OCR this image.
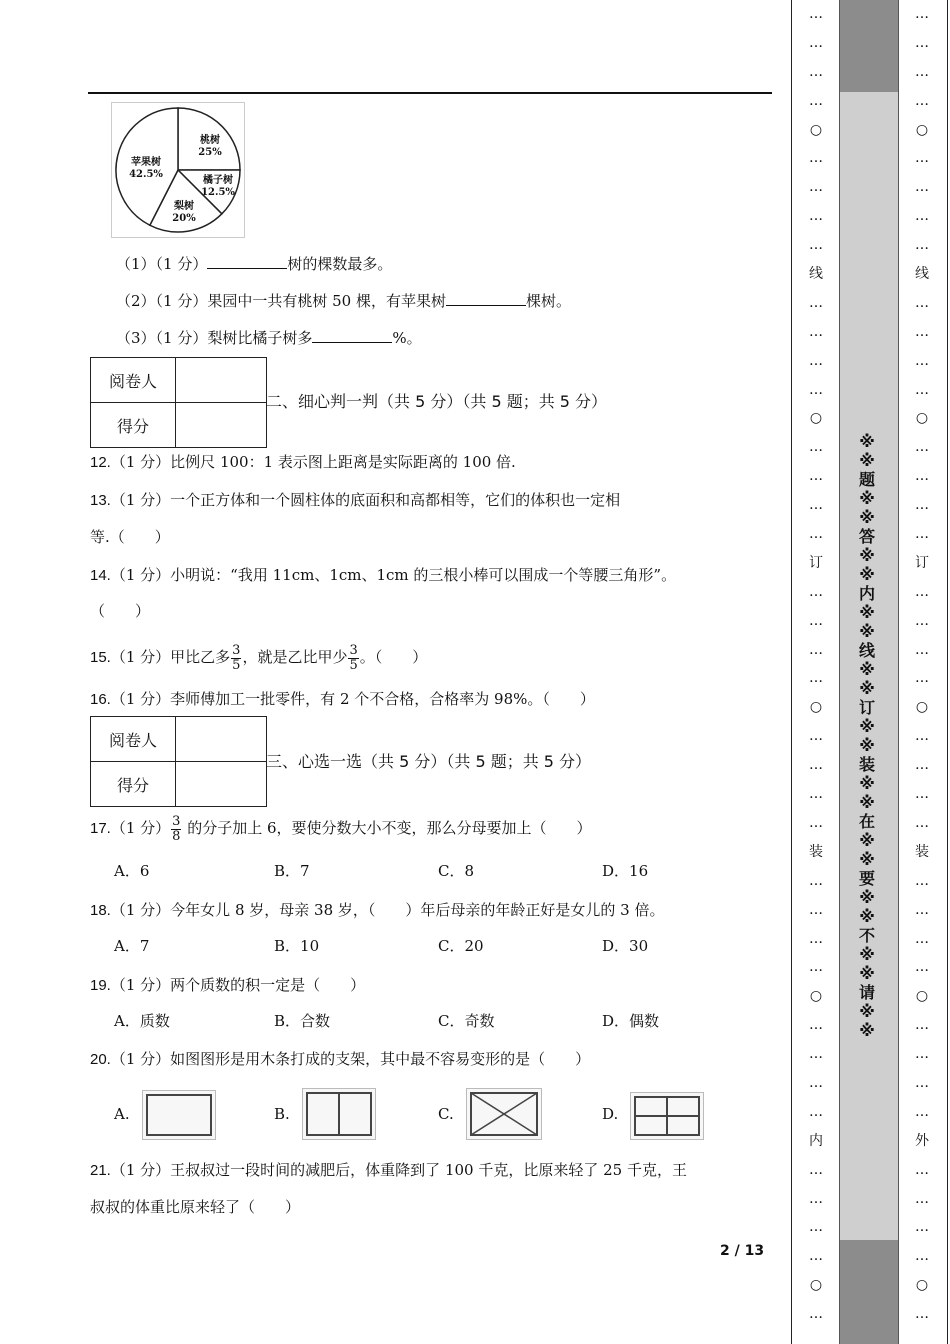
桃树
25%
橘子树
12.5%
梨树
20%
苹果树
42.5%
（1）（1 分）	树的棵数最多。
（2）（1 分）果园中一共有桃树 50 棵，有苹果树	棵树。
（3）（1 分）梨树比橘子树多	%。
阅卷人	
得分	
二、细心判一判（共 5 分）（共 5 题；共 5 分）
12.（1 分）比例尺 100：1 表示图上距离是实际距离的 100 倍.
13.（1 分）一个正方体和一个圆柱体的底面积和高都相等，它们的体积也一定相
等.（　　）
14.（1 分）小明说：“我用 11cm、1cm、1cm 的三根小棒可以围成一个等腰三角形”。
（　　）
15.（1 分）甲比乙多 $\frac{3}{5}$ ，就是乙比甲少 $\frac{3}{5}$ 。（　　）
16.（1 分）李师傅加工一批零件，有 2 个不合格，合格率为 98%。（　　）
阅卷人	
得分	
三、心选一选（共 5 分）（共 5 题；共 5 分）
17.（1 分） $\frac{3}{8}$ 的分子加上 6，要使分数大小不变，那么分母要加上（　　）
A．6	B．7	C．8	D．16
18.（1 分）今年女儿 8 岁，母亲 38 岁，（　　）年后母亲的年龄正好是女儿的 3 倍。
A．7	B．10	C．20	D．30
19.（1 分）两个质数的积一定是（　　）
A．质数	B．合数	C．奇数	D．偶数
20.（1 分）如图图形是用木条打成的支架，其中最不容易变形的是（　　）
A.	B.	C.	D.
21.（1 分）王叔叔过一段时间的减肥后，体重降到了 100 千克，比原来轻了 25 千克，王
叔叔的体重比原来轻了（　　）
2 / 13
…
…
…
…
○
…
…
…
…
线
…
…
…
…
○
…
…
…
…
订
…
…
…
…
○
…
…
…
…
装
…
…
…
…
○
…
…
…
…
内
…
…
…
…
○
…
…
…
…
…
○
…
…
…
…
线
…
…
…
…
○
…
…
…
…
订
…
…
…
…
○
…
…
…
…
装
…
…
…
…
○
…
…
…
…
外
…
…
…
…
○
…
※
※
题
※
※
答
※
※
内
※
※
线
※
※
订
※
※
装
※
※
在
※
※
要
※
※
不
※
※
请
※
※
